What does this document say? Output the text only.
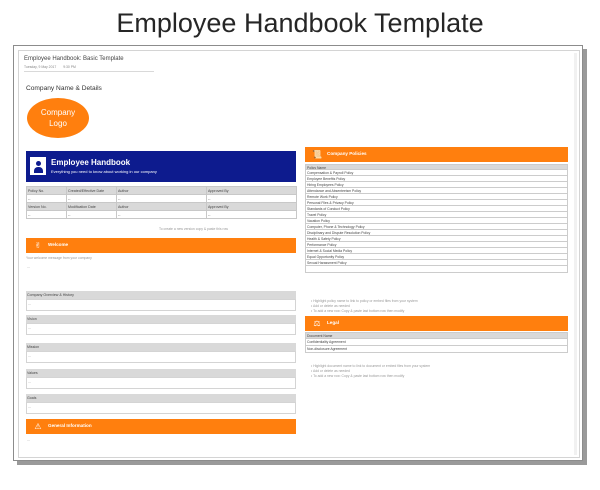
Employee Handbook Template
Employee Handbook: Basic Template
Tuesday, 9 May 2017 9:30 PM
Company Name & Details
Company
Logo
Employee Handbook
Everything you need to know about working in our company
Policy No.	Created/Effective Date	Author	Approved By
--	--	--	--
Version No.	Modification Date	Author	Approved By
--	--	--	--
To create a new version copy & paste this row
✌	Welcome
Your welcome message from your company
...
Company Overview & History
...
Vision
...
Mission
...
Values
...
Goals
...
⚠	General Information
...
📜	Company Policies
Policy Name
Compensation & Payroll Policy
Employee Benefits Policy
Hiring Employees Policy
Attendance and Absenteeism Policy
Remote Work Policy
Personal Files & Privacy Policy
Standards of Conduct Policy
Travel Policy
Vacation Policy
Computer, Phone & Technology Policy
Disciplinary and Dispute Resolution Policy
Health & Safety Policy
Performance Policy
Internet & Social Media Policy
Equal Opportunity Policy
Sexual Harassment Policy
• Highlight policy name to link to policy or embed files from your system
• Add or delete as needed
• To add a new row: Copy & paste last bottom row then modify
⚖	Legal
Document Name
Confidentiality Agreement
Non-disclosure Agreement
• Highlight document name to link to document or embed files from your system
• Add or delete as needed
• To add a new row: Copy & paste last bottom row then modify
